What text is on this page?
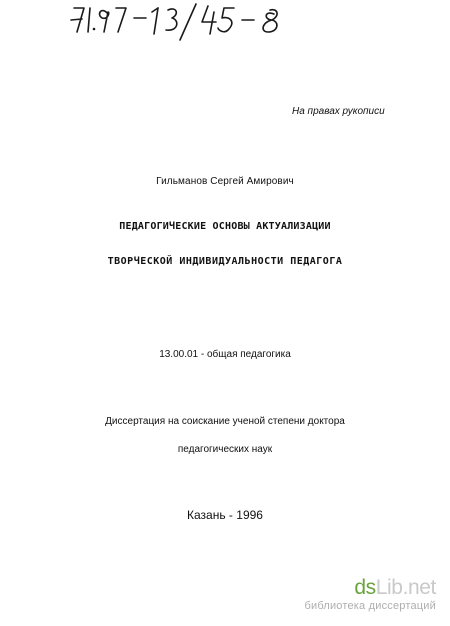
На правах рукописи
Гильманов Сергей Амирович
ПЕДАГОГИЧЕСКИЕ ОСНОВЫ АКТУАЛИЗАЦИИ
ТВОРЧЕСКОЙ ИНДИВИДУАЛЬНОСТИ ПЕДАГОГА
13.00.01 - общая педагогика
Диссертация на соискание ученой степени доктора
педагогических наук
Казань - 1996
dsLib.net
библиотека диссертаций
